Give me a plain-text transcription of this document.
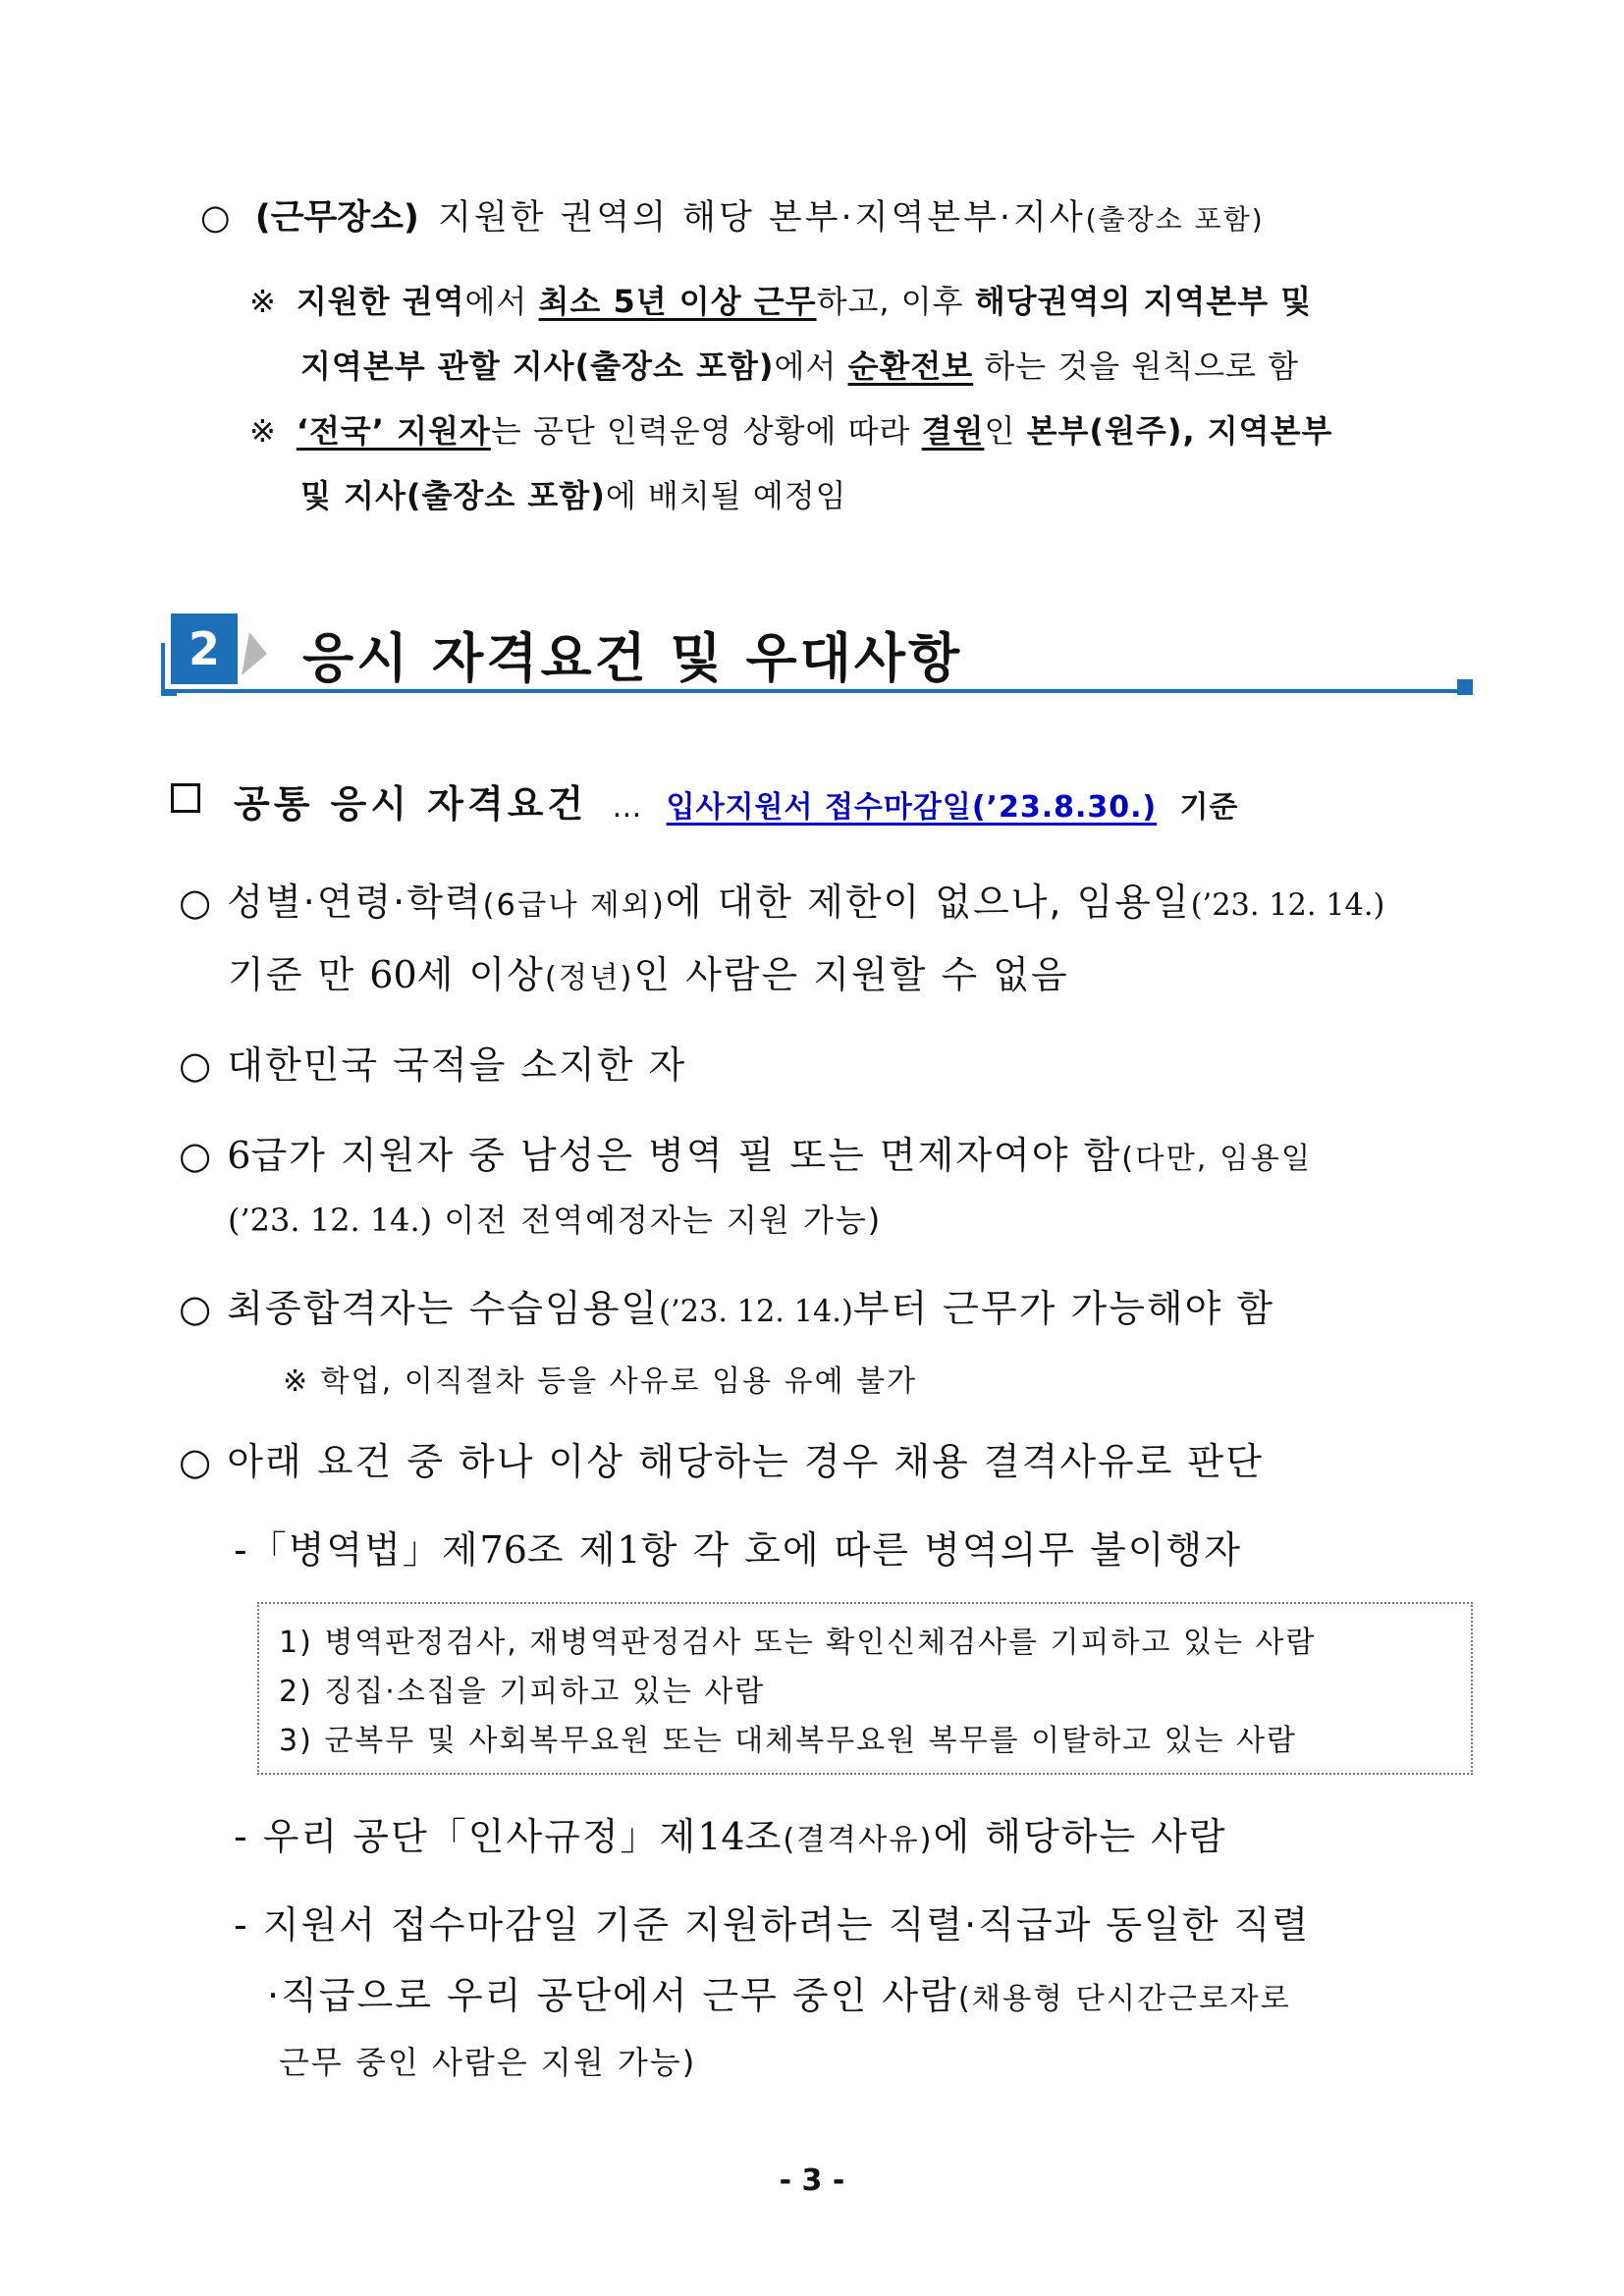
○ (근무장소) 지원한 권역의 해당 본부·지역본부·지사(출장소 포함)
※ 지원한 권역에서 최소 5년 이상 근무하고, 이후 해당권역의 지역본부 및
지역본부 관할 지사(출장소 포함)에서 순환전보 하는 것을 원칙으로 함
※ ‘전국’ 지원자는 공단 인력운영 상황에 따라 결원인 본부(원주), 지역본부
및 지사(출장소 포함)에 배치될 예정임
2 응시 자격요건 및 우대사항
공통 응시 자격요건 … 입사지원서 접수마감일(’23.8.30.) 기준
○ 성별·연령·학력(6급나 제외)에 대한 제한이 없으나, 임용일(’23. 12. 14.)
기준 만 60세 이상(정년)인 사람은 지원할 수 없음
○ 대한민국 국적을 소지한 자
○ 6급가 지원자 중 남성은 병역 필 또는 면제자여야 함(다만, 임용일
(’23. 12. 14.) 이전 전역예정자는 지원 가능)
○ 최종합격자는 수습임용일(’23. 12. 14.)부터 근무가 가능해야 함
※ 학업, 이직절차 등을 사유로 임용 유예 불가
○ 아래 요건 중 하나 이상 해당하는 경우 채용 결격사유로 판단
-「병역법」제76조 제1항 각 호에 따른 병역의무 불이행자
1) 병역판정검사, 재병역판정검사 또는 확인신체검사를 기피하고 있는 사람
2) 징집·소집을 기피하고 있는 사람
3) 군복무 및 사회복무요원 또는 대체복무요원 복무를 이탈하고 있는 사람
- 우리 공단「인사규정」제14조(결격사유)에 해당하는 사람
- 지원서 접수마감일 기준 지원하려는 직렬·직급과 동일한 직렬
·직급으로 우리 공단에서 근무 중인 사람(채용형 단시간근로자로
근무 중인 사람은 지원 가능)
- 3 -
